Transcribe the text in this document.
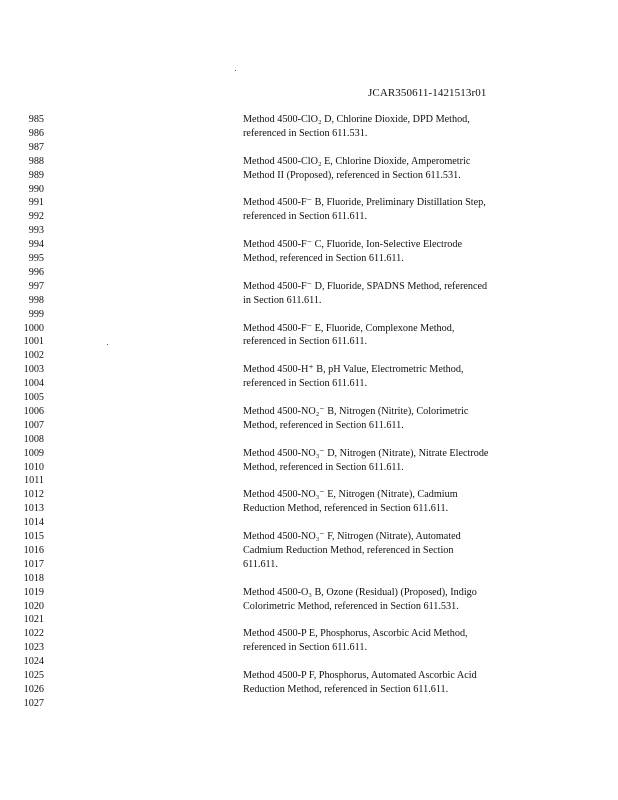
JCAR350611-1421513r01
985
986
987
988
989
990
991
992
993
994
995
996
997
998
999
1000
1001
1002
1003
1004
1005
1006
1007
1008
1009
1010
1011
1012
1013
1014
1015
1016
1017
1018
1019
1020
1021
1022
1023
1024
1025
1026
1027
Method 4500-ClO₂ D, Chlorine Dioxide, DPD Method,
referenced in Section 611.531.
Method 4500-ClO₂ E, Chlorine Dioxide, Amperometric
Method II (Proposed), referenced in Section 611.531.
Method 4500-F⁻ B, Fluoride, Preliminary Distillation Step,
referenced in Section 611.611.
Method 4500-F⁻ C, Fluoride, Ion-Selective Electrode
Method, referenced in Section 611.611.
Method 4500-F⁻ D, Fluoride, SPADNS Method, referenced
in Section 611.611.
Method 4500-F⁻ E, Fluoride, Complexone Method,
referenced in Section 611.611.
Method 4500-H⁺ B, pH Value, Electrometric Method,
referenced in Section 611.611.
Method 4500-NO₂⁻ B, Nitrogen (Nitrite), Colorimetric
Method, referenced in Section 611.611.
Method 4500-NO₃⁻ D, Nitrogen (Nitrate), Nitrate Electrode
Method, referenced in Section 611.611.
Method 4500-NO₃⁻ E, Nitrogen (Nitrate), Cadmium
Reduction Method, referenced in Section 611.611.
Method 4500-NO₃⁻ F, Nitrogen (Nitrate), Automated
Cadmium Reduction Method, referenced in Section
611.611.
Method 4500-O₃ B, Ozone (Residual) (Proposed), Indigo
Colorimetric Method, referenced in Section 611.531.
Method 4500-P E, Phosphorus, Ascorbic Acid Method,
referenced in Section 611.611.
Method 4500-P F, Phosphorus, Automated Ascorbic Acid
Reduction Method, referenced in Section 611.611.
